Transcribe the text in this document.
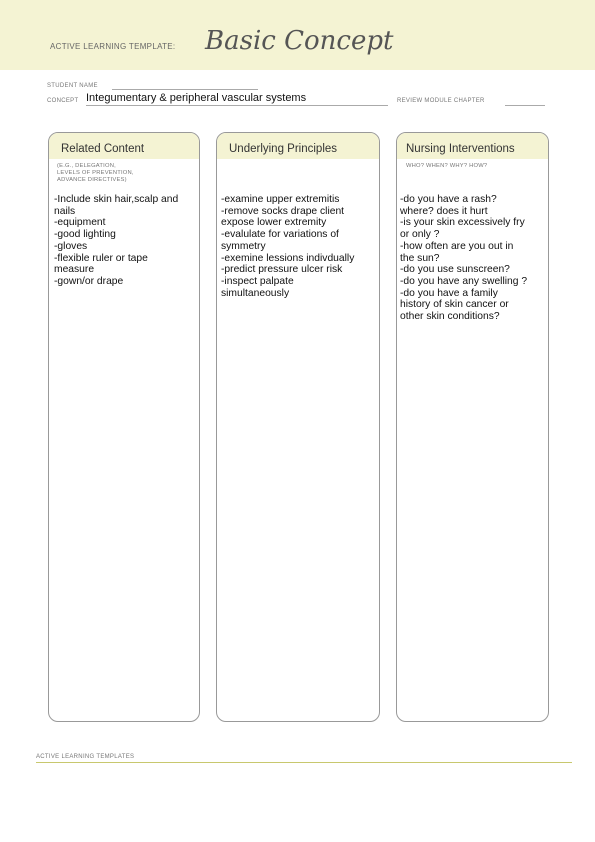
ACTIVE LEARNING TEMPLATE: Basic Concept
STUDENT NAME
CONCEPT Integumentary & peripheral vascular systems	REVIEW MODULE CHAPTER
Related Content
(E.G., DELEGATION,
LEVELS OF PREVENTION,
ADVANCE DIRECTIVES)
-Include skin hair,scalp and
nails
-equipment
-good lighting
-gloves
-flexible ruler or tape
measure
-gown/or drape
Underlying Principles
-examine upper extremitis
-remove socks drape client
expose lower extremity
-evalulate for variations of
symmetry
-exemine lessions indivdually
-predict pressure ulcer risk
-inspect palpate
simultaneously
Nursing Interventions
WHO? WHEN? WHY? HOW?
-do you have a rash?
where? does it hurt
-is your skin excessively fry
or only ?
-how often are you out in
the sun?
-do you use sunscreen?
-do you have any swelling ?
-do you have a family
history of skin cancer or
other skin conditions?
ACTIVE LEARNING TEMPLATES
